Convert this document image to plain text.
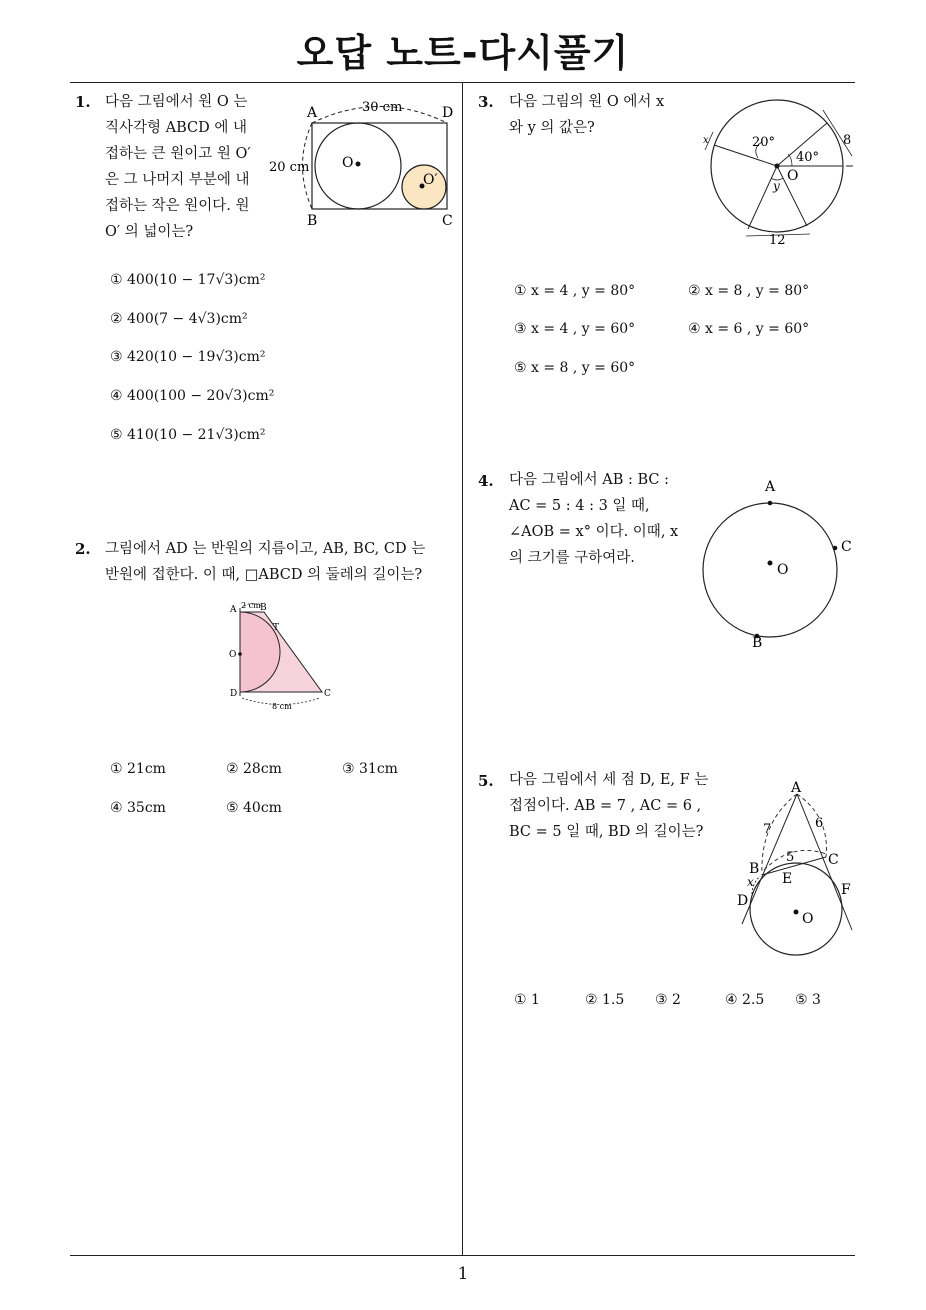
오답 노트-다시풀기
1
1. 다음 그림에서 원 O 는
직사각형 ABCD 에 내
접하는 큰 원이고 원 O′
은 그 나머지 부분에 내
접하는 작은 원이다. 원
O′ 의 넓이는?
A	D
B	C
O
O′
30 cm
20 cm
① 400(10 − 17√3)cm²
② 400(7 − 4√3)cm²
③ 420(10 − 19√3)cm²
④ 400(100 − 20√3)cm²
⑤ 410(10 − 21√3)cm²
2. 그림에서 AD 는 반원의 지름이고, AB, BC, CD 는
반원에 접한다. 이 때, □ABCD 의 둘레의 길이는?
A	B
C
D
O
T
2 cm
8 cm
① 21cm	② 28cm	③ 31cm
④ 35cm	⑤ 40cm
3. 다음 그림의 원 O 에서 x
와 y 의 값은?
O
20°
40°
8
12
x
y
① x = 4 , y = 80°	② x = 8 , y = 80°
③ x = 4 , y = 60°	④ x = 6 , y = 60°
⑤ x = 8 , y = 60°
4. 다음 그림에서 AB : BC :
AC = 5 : 4 : 3 일 때,
∠AOB = x° 이다. 이때, x
의 크기를 구하여라.
A
C
B
O
5. 다음 그림에서 세 점 D, E, F 는
접점이다. AB = 7 , AC = 6 ,
BC = 5 일 때, BD 의 길이는?
A
B
C
D
E
F
O
7	6
5
x
① 1	② 1.5 ③ 2	④ 2.5 ⑤ 3
